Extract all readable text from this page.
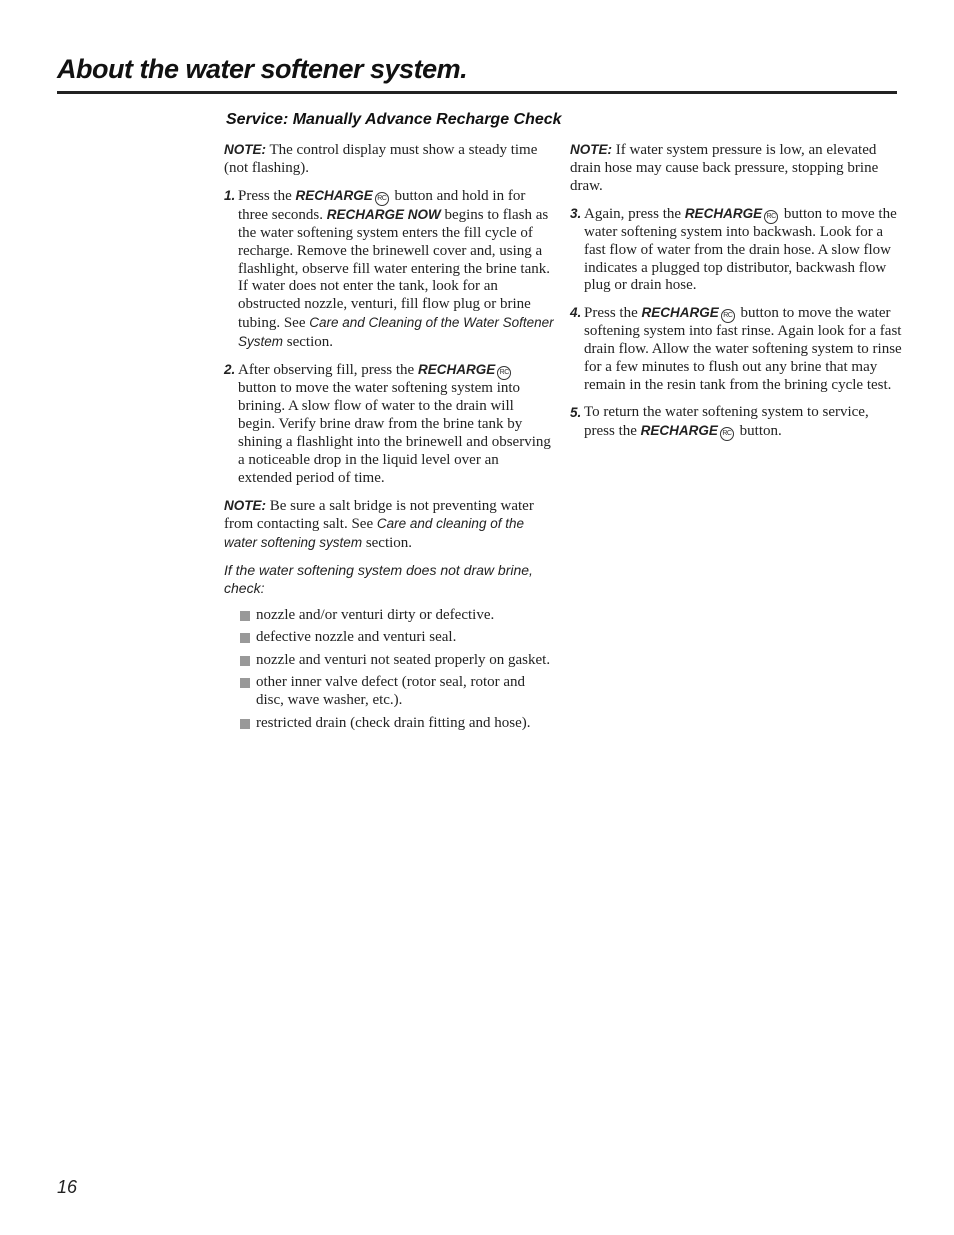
About the water softener system.
Service: Manually Advance Recharge Check

NOTE: The control display must show a steady time (not flashing).

1. Press the RECHARGE RC button and hold in for three seconds. RECHARGE NOW begins to flash as the water softening system enters the fill cycle of recharge. Remove the brinewell cover and, using a flashlight, observe fill water entering the brine tank. If water does not enter the tank, look for an obstructed nozzle, venturi, fill flow plug or brine tubing. See Care and Cleaning of the Water Softener System section.

2. After observing fill, press the RECHARGE RC button to move the water softening system into brining. A slow flow of water to the drain will begin. Verify brine draw from the brine tank by shining a flashlight into the brinewell and observing a noticeable drop in the liquid level over an extended period of time.

NOTE: Be sure a salt bridge is not preventing water from contacting salt. See Care and cleaning of the water softening system section.

If the water softening system does not draw brine, check:

nozzle and/or venturi dirty or defective.
defective nozzle and venturi seal.
nozzle and venturi not seated properly on gasket.
other inner valve defect (rotor seal, rotor and disc, wave washer, etc.).
restricted drain (check drain fitting and hose).

NOTE: If water system pressure is low, an elevated drain hose may cause back pressure, stopping brine draw.

3. Again, press the RECHARGE RC button to move the water softening system into backwash. Look for a fast flow of water from the drain hose. A slow flow indicates a plugged top distributor, backwash flow plug or drain hose.

4. Press the RECHARGE RC button to move the water softening system into fast rinse. Again look for a fast drain flow. Allow the water softening system to rinse for a few minutes to flush out any brine that may remain in the resin tank from the brining cycle test.

5. To return the water softening system to service, press the RECHARGE RC button.

16
